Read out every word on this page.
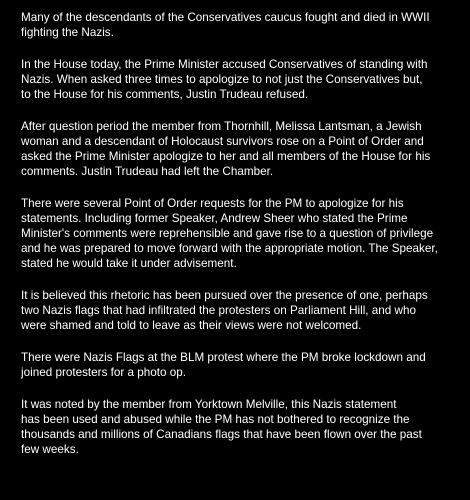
Many of the descendants of the Conservatives caucus fought and died in WWII
fighting the Nazis.

In the House today, the Prime Minister accused Conservatives of standing with
Nazis. When asked three times to apologize to not just the Conservatives but,
to the House for his comments, Justin Trudeau refused.

After question period the member from Thornhill, Melissa Lantsman, a Jewish
woman and a descendant of Holocaust survivors rose on a Point of Order and
asked the Prime Minister apologize to her and all members of the House for his
comments. Justin Trudeau had left the Chamber.

There were several Point of Order requests for the PM to apologize for his
statements. Including former Speaker, Andrew Sheer who stated the Prime
Minister's comments were reprehensible and gave rise to a question of privilege
and he was prepared to move forward with the appropriate motion. The Speaker,
stated he would take it under advisement.

It is believed this rhetoric has been pursued over the presence of one, perhaps
two Nazis flags that had infiltrated the protesters on Parliament Hill, and who
were shamed and told to leave as their views were not welcomed.

There were Nazis Flags at the BLM protest where the PM broke lockdown and
joined protesters for a photo op.

It was noted by the member from Yorktown Melville, this Nazis statement
has been used and abused while the PM has not bothered to recognize the
thousands and millions of Canadians flags that have been flown over the past
few weeks.
